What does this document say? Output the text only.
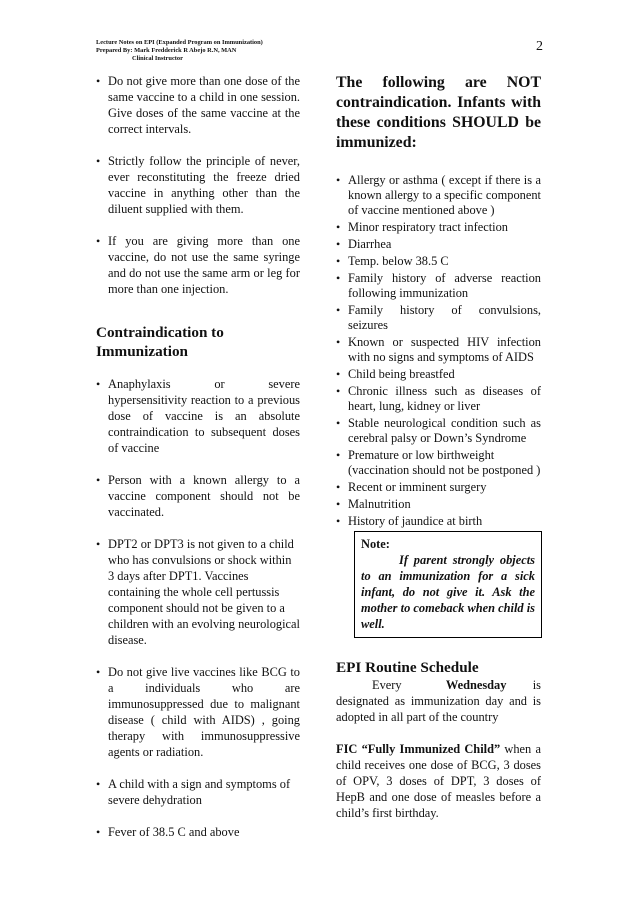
Lecture Notes on EPI (Expanded Program on Immunization)
Prepared By: Mark Fredderick R Abejo R.N, MAN

Clinical Instructor
2
• Do not give more than one dose of the same vaccine to a child in one session. Give doses of the same vaccine at the correct intervals.
• Strictly follow the principle of never, ever reconstituting the freeze dried vaccine in anything other than the diluent supplied with them.
• If you are giving more than one vaccine, do not use the same syringe and do not use the same arm or leg for more than one injection.
Contraindication to Immunization
• Anaphylaxis or severe hypersensitivity reaction to a previous dose of vaccine is an absolute contraindication to subsequent doses of vaccine
• Person with a known allergy to a vaccine component should not be vaccinated.
• DPT2 or DPT3 is not given to a child who has convulsions or shock within 3 days after DPT1. Vaccines containing the whole cell pertussis component should not be given to a children with an evolving neurological disease.
• Do not give live vaccines like BCG to a individuals who are immunosuppressed due to malignant disease ( child with AIDS) , going therapy with immunosuppressive agents or radiation.
• A child with a sign and symptoms of severe dehydration
• Fever of 38.5 C and above
The following are NOT contraindication. Infants with these conditions SHOULD be immunized:
• Allergy or asthma ( except if there is a known allergy to a specific component of vaccine mentioned above )
• Minor respiratory tract infection
• Diarrhea
• Temp. below 38.5 C
• Family history of adverse reaction following immunization
• Family history of convulsions, seizures
• Known or suspected HIV infection with no signs and symptoms of AIDS
• Child being breastfed
• Chronic illness such as diseases of heart, lung, kidney or liver
• Stable neurological condition such as cerebral palsy or Down’s Syndrome
• Premature or low birthweight (vaccination should not be postponed )
• Recent or imminent surgery
• Malnutrition
• History of jaundice at birth
Note:
If parent strongly objects to an immunization for a sick infant, do not give it. Ask the mother to comeback when child is well.
EPI Routine Schedule
Every Wednesday is designated as immunization day and is adopted in all part of the country
FIC “Fully Immunized Child” when a child receives one dose of BCG, 3 doses of OPV, 3 doses of DPT, 3 doses of HepB and one dose of measles before a child’s first birthday.
